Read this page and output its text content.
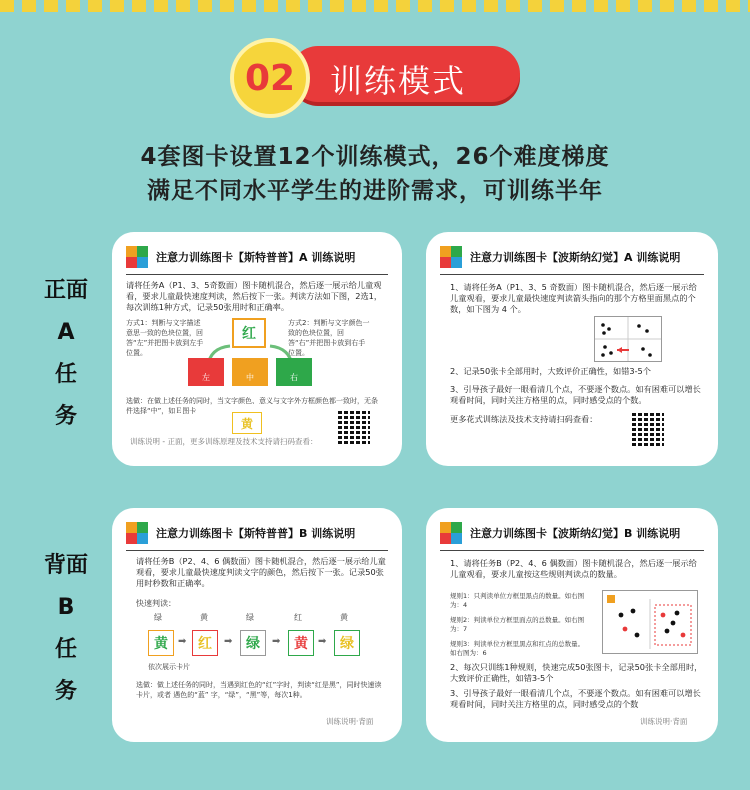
02	训练模式
4套图卡设置12个训练模式，26个难度梯度
满足不同水平学生的进阶需求，可训练半年
正面
A
任
务
背面
B
任
务
注意力训练图卡【斯特普普】A 训练说明
请将任务A（P1、3、5奇数面）图卡随机混合，然后逐一展示给儿童观看，要求儿童最快速度判读，然后按下一张。判读方法如下图，2选1，每次训练1种方式，记录50张用时和正确率。
方式1：判断与文字描述意思一致的色块位置，回答“左”并把图卡放到左手位置。
方式2：判断与文字颜色一致的色块位置，回答“右”并把图卡放到右手位置。
红
左	中	右
选做：在做上述任务的同时，当文字颜色、意义与文字外方框颜色都一致时，无条件选择“中”，如Ｅ图卡
黄
训练说明 - 正面，更多训练原理及技术支持请扫码查看：
注意力训练图卡【波斯纳幻觉】A 训练说明
1、请将任务A（P1、3、5 奇数面）图卡随机混合，然后逐一展示给儿童观看，要求儿童最快速度判读箭头指向的那个方格里面黑点的个数，如下图为 4 个。
2、记录50张卡全部用时，大致评价正确性，如错3-5个
3、引导孩子最好一眼看清几个点，不要逐个数点。如有困难可以增长观看时间，同时关注方格里的点，同时感受点的个数。
更多花式训练法及技术支持请扫码查看：
注意力训练图卡【斯特普普】B 训练说明
请将任务B（P2、4、6 偶数面）图卡随机混合，然后逐一展示给儿童观看，要求儿童最快速度判读文字的颜色，然后按下一张。记录50张用时秒数和正确率。
快速判读：
绿	黄	绿	红	黄
黄	➡ 红	➡ 绿	➡ 黄	➡ 绿
依次展示卡片
选做：做上述任务的同时，当遇到红色的“红”字时，判读“红是黑”，同时快速读卡片，或者 遇色的“蓝” 字，“绿”，“黑”等，每次1种。
训练说明·背面
注意力训练图卡【波斯纳幻觉】B 训练说明
1、请将任务B（P2、4、6 偶数面）图卡随机混合，然后逐一展示给儿童观看，要求儿童按这些规则判读点的数量。
规则1：只判读单位方框里黑点的数量。如右图为：4
规则2：判读单位方框里面点的总数量。如右图为：7
规则3：判读单位方框里黑点和红点的总数量。如右图为：6
2、每次只训练1种规则，快速完成50张图卡，记录50张卡全部用时，大致评价正确性，如错3-5个
3、引导孩子最好一眼看清几个点，不要逐个数点。如有困难可以增长观看时间，同时关注方格里的点，同时感受点的个数
训练说明·背面
